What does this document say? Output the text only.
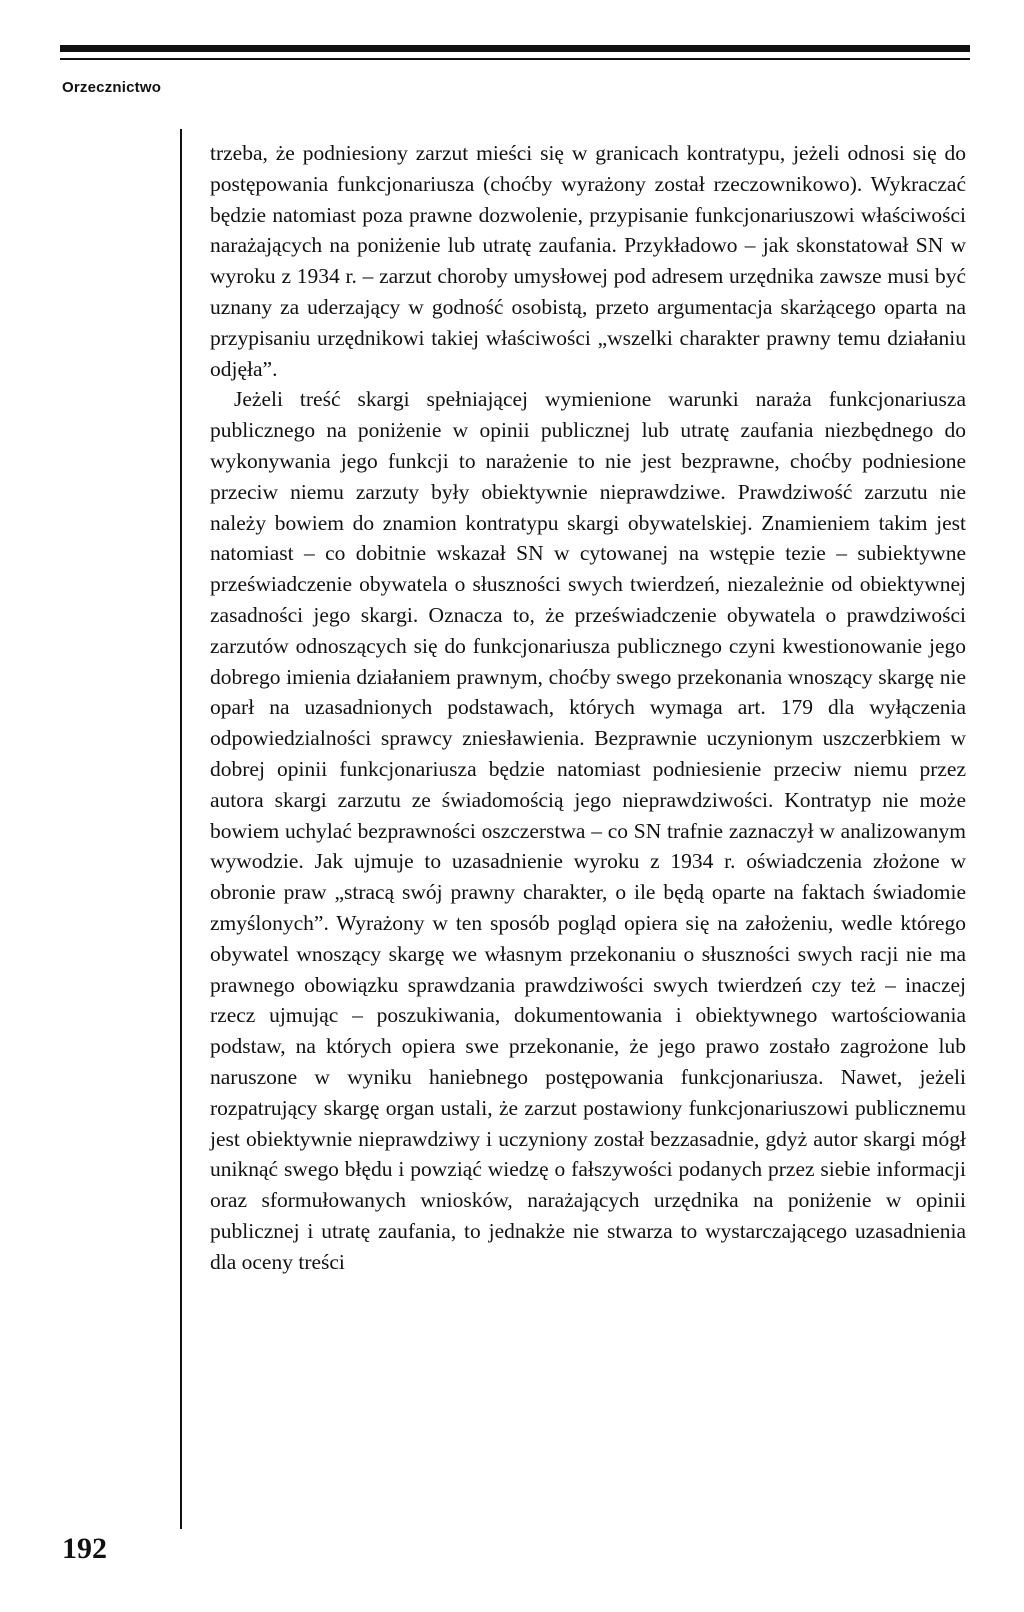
Orzecznictwo

trzeba, że podniesiony zarzut mieści się w granicach kontratypu, jeżeli odnosi się do postępowania funkcjonariusza (choćby wyrażony został rzeczownikowo). Wykraczać będzie natomiast poza prawne dozwolenie, przypisanie funkcjonariuszowi właściwości narażających na poniżenie lub utratę zaufania. Przykładowo – jak skonstatował SN w wyroku z 1934 r. – zarzut choroby umysłowej pod adresem urzędnika zawsze musi być uznany za uderzający w godność osobistą, przeto argumentacja skarżącego oparta na przypisaniu urzędnikowi takiej właściwości „wszelki charakter prawny temu działaniu odjęła”.

Jeżeli treść skargi spełniającej wymienione warunki naraża funkcjonariusza publicznego na poniżenie w opinii publicznej lub utratę zaufania niezbędnego do wykonywania jego funkcji to narażenie to nie jest bezprawne, choćby podniesione przeciw niemu zarzuty były obiektywnie nieprawdziwe. Prawdziwość zarzutu nie należy bowiem do znamion kontratypu skargi obywatelskiej. Znamieniem takim jest natomiast – co dobitnie wskazał SN w cytowanej na wstępie tezie – subiektywne przeświadczenie obywatela o słuszności swych twierdzeń, niezależnie od obiektywnej zasadności jego skargi. Oznacza to, że przeświadczenie obywatela o prawdziwości zarzutów odnoszących się do funkcjonariusza publicznego czyni kwestionowanie jego dobrego imienia działaniem prawnym, choćby swego przekonania wnoszący skargę nie oparł na uzasadnionych podstawach, których wymaga art. 179 dla wyłączenia odpowiedzialności sprawcy zniesławienia. Bezprawnie uczynionym uszczerbkiem w dobrej opinii funkcjonariusza będzie natomiast podniesienie przeciw niemu przez autora skargi zarzutu ze świadomością jego nieprawdziwości. Kontratyp nie może bowiem uchylać bezprawności oszczerstwa – co SN trafnie zaznaczył w analizowanym wywodzie. Jak ujmuje to uzasadnienie wyroku z 1934 r. oświadczenia złożone w obronie praw „stracą swój prawny charakter, o ile będą oparte na faktach świadomie zmyślonych”. Wyrażony w ten sposób pogląd opiera się na założeniu, wedle którego obywatel wnoszący skargę we własnym przekonaniu o słuszności swych racji nie ma prawnego obowiązku sprawdzania prawdziwości swych twierdzeń czy też – inaczej rzecz ujmując – poszukiwania, dokumentowania i obiektywnego wartościowania podstaw, na których opiera swe przekonanie, że jego prawo zostało zagrożone lub naruszone w wyniku haniebnego postępowania funkcjonariusza. Nawet, jeżeli rozpatrujący skargę organ ustali, że zarzut postawiony funkcjonariuszowi publicznemu jest obiektywnie nieprawdziwy i uczyniony został bezzasadnie, gdyż autor skargi mógł uniknąć swego błędu i powziąć wiedzę o fałszywości podanych przez siebie informacji oraz sformułowanych wniosków, narażających urzędnika na poniżenie w opinii publicznej i utratę zaufania, to jednakże nie stwarza to wystarczającego uzasadnienia dla oceny treści

192
